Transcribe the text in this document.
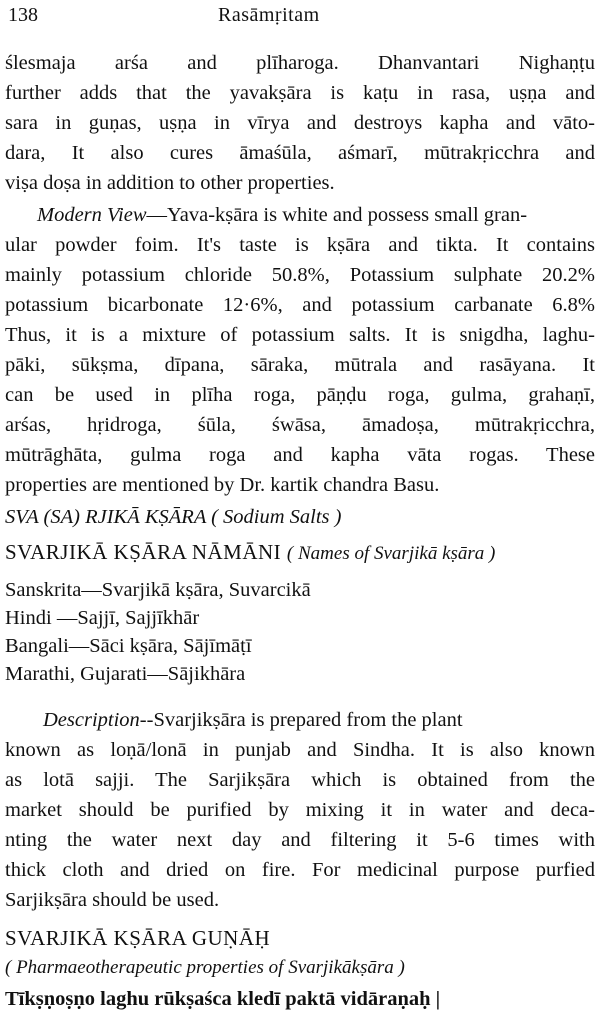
138	Rasāmṛitam
ślesmaja arśa and plīharoga. Dhanvantari Nighaṇṭu
further adds that the yavakṣāra is kaṭu in rasa, uṣṇa and
sara in guṇas, uṣṇa in vīrya and destroys kapha and vāto-
dara, It also cures āmaśūla, aśmarī, mūtrakṛicchra and
viṣa doṣa in addition to other properties.
Modern View—Yava-kṣāra is white and possess small gran-
ular powder foim. It's taste is kṣāra and tikta. It contains
mainly potassium chloride 50.8%, Potassium sulphate 20.2%
potassium bicarbonate 12·6%, and potassium carbanate 6.8%
Thus, it is a mixture of potassium salts. It is snigdha, laghu-
pāki, sūkṣma, dīpana, sāraka, mūtrala and rasāyana. It
can be used in plīha roga, pāṇḍu roga, gulma, grahaṇī,
arśas, hṛidroga, śūla, śwāsa, āmadoṣa, mūtrakṛicchra,
mūtrāghāta, gulma roga and kapha vāta rogas. These
properties are mentioned by Dr. kartik chandra Basu.
SVA (SA) RJIKĀ KṢĀRA ( Sodium Salts )
SVARJIKĀ KṢĀRA NĀMĀNI ( Names of Svarjikā kṣāra )
Sanskrita—Svarjikā kṣāra, Suvarcikā
Hindi —Sajjī, Sajjīkhār
Bangali—Sāci kṣāra, Sājīmāṭī
Marathi, Gujarati—Sājikhāra
Description--Svarjikṣāra is prepared from the plant
known as loṇā/lonā in punjab and Sindha. It is also known
as lotā sajji. The Sarjikṣāra which is obtained from the
market should be purified by mixing it in water and deca-
nting the water next day and filtering it 5-6 times with
thick cloth and dried on fire. For medicinal purpose purfied
Sarjikṣāra should be used.
SVARJIKĀ KṢĀRA GUṆĀḤ
( Pharmaeotherapeutic properties of Svarjikākṣāra )
Tīkṣṇoṣṇo laghu rūkṣaśca kledī paktā vidāraṇaḥ |
